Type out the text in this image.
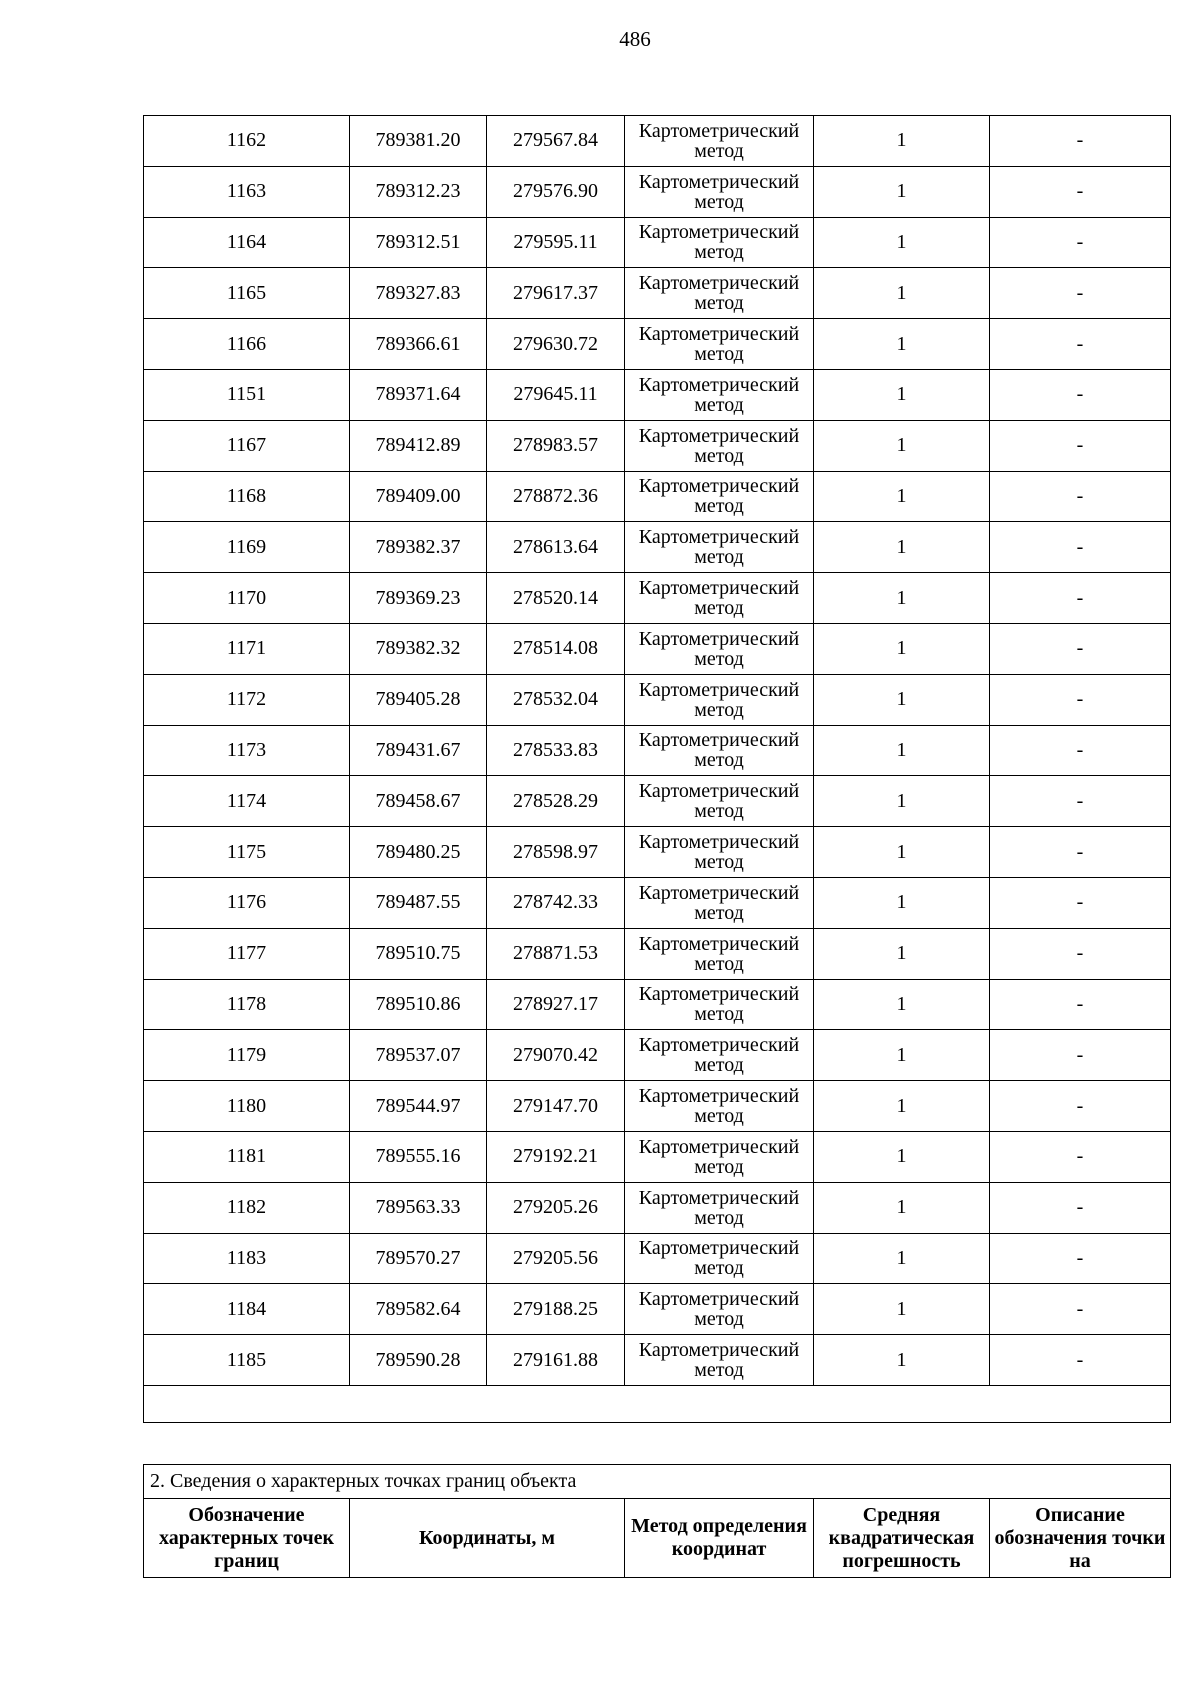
486
1162	789381.20	279567.84	Картометрический метод	1	-
1163	789312.23	279576.90	Картометрический метод	1	-
1164	789312.51	279595.11	Картометрический метод	1	-
1165	789327.83	279617.37	Картометрический метод	1	-
1166	789366.61	279630.72	Картометрический метод	1	-
1151	789371.64	279645.11	Картометрический метод	1	-
1167	789412.89	278983.57	Картометрический метод	1	-
1168	789409.00	278872.36	Картометрический метод	1	-
1169	789382.37	278613.64	Картометрический метод	1	-
1170	789369.23	278520.14	Картометрический метод	1	-
1171	789382.32	278514.08	Картометрический метод	1	-
1172	789405.28	278532.04	Картометрический метод	1	-
1173	789431.67	278533.83	Картометрический метод	1	-
1174	789458.67	278528.29	Картометрический метод	1	-
1175	789480.25	278598.97	Картометрический метод	1	-
1176	789487.55	278742.33	Картометрический метод	1	-
1177	789510.75	278871.53	Картометрический метод	1	-
1178	789510.86	278927.17	Картометрический метод	1	-
1179	789537.07	279070.42	Картометрический метод	1	-
1180	789544.97	279147.70	Картометрический метод	1	-
1181	789555.16	279192.21	Картометрический метод	1	-
1182	789563.33	279205.26	Картометрический метод	1	-
1183	789570.27	279205.56	Картометрический метод	1	-
1184	789582.64	279188.25	Картометрический метод	1	-
1185	789590.28	279161.88	Картометрический метод	1	-

2. Сведения о характерных точках границ объекта
Обозначение характерных точек границ	Координаты, м	Метод определения координат	Средняя квадратическая погрешность	Описание обозначения точки на
